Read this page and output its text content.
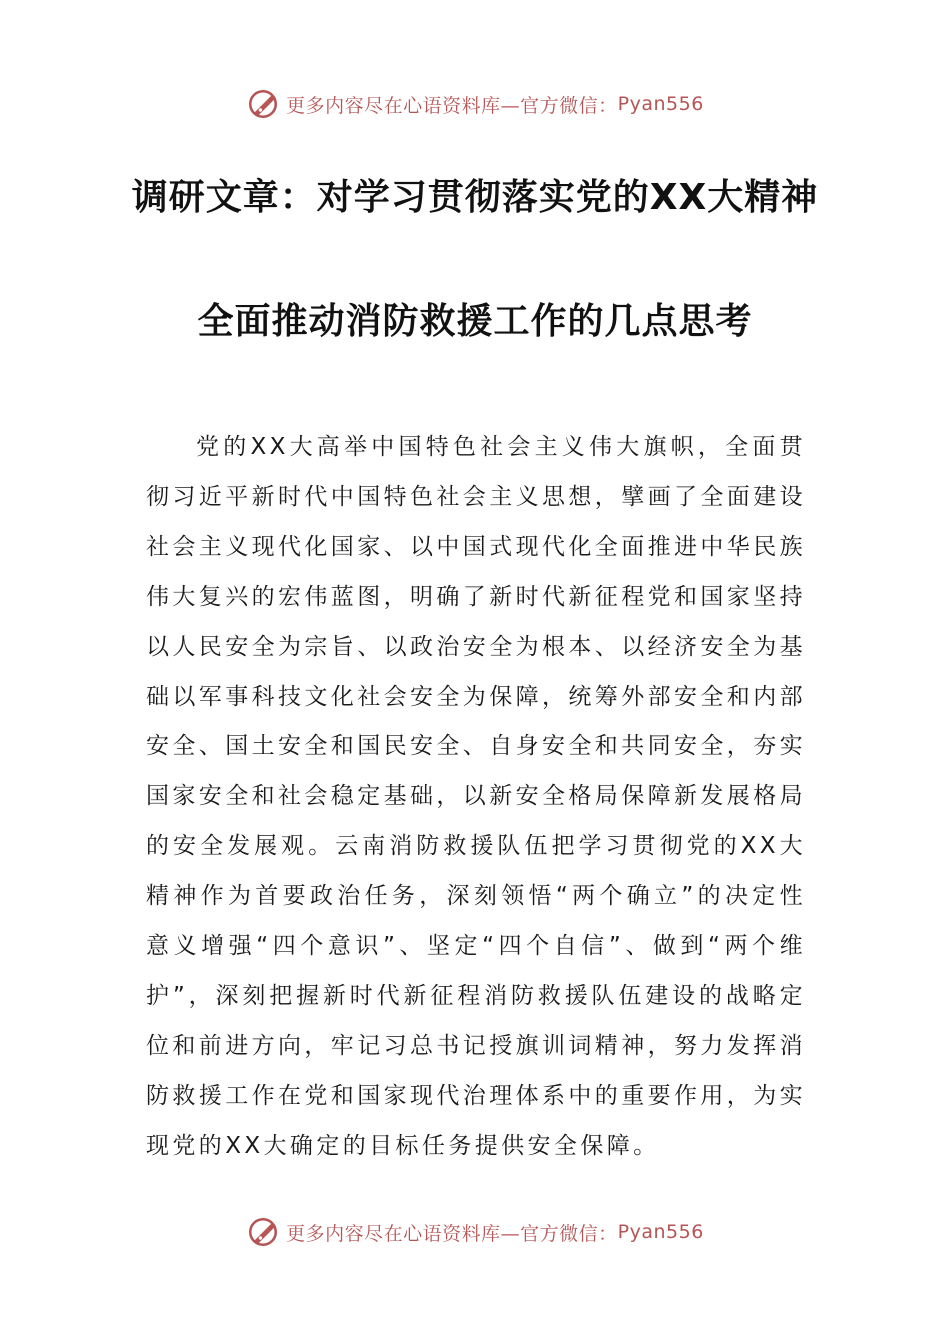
更多内容尽在心语资料库—官方微信： Pyan556
调研文章：对学习贯彻落实党的XX大精神
全面推动消防救援工作的几点思考

党的XX大高举中国特色社会主义伟大旗帜，全面贯彻习近平新时代中国特色社会主义思想，擘画了全面建设社会主义现代化国家、以中国式现代化全面推进中华民族伟大复兴的宏伟蓝图，明确了新时代新征程党和国家坚持以人民安全为宗旨、以政治安全为根本、以经济安全为基础以军事科技文化社会安全为保障，统筹外部安全和内部安全、国土安全和国民安全、自身安全和共同安全，夯实国家安全和社会稳定基础，以新安全格局保障新发展格局的安全发展观。云南消防救援队伍把学习贯彻党的XX大精神作为首要政治任务，深刻领悟“两个确立”的决定性意义增强“四个意识”、坚定“四个自信”、做到“两个维护”，深刻把握新时代新征程消防救援队伍建设的战略定位和前进方向，牢记习总书记授旗训词精神，努力发挥消防救援工作在党和国家现代治理体系中的重要作用，为实现党的XX大确定的目标任务提供安全保障。

更多内容尽在心语资料库—官方微信： Pyan556
